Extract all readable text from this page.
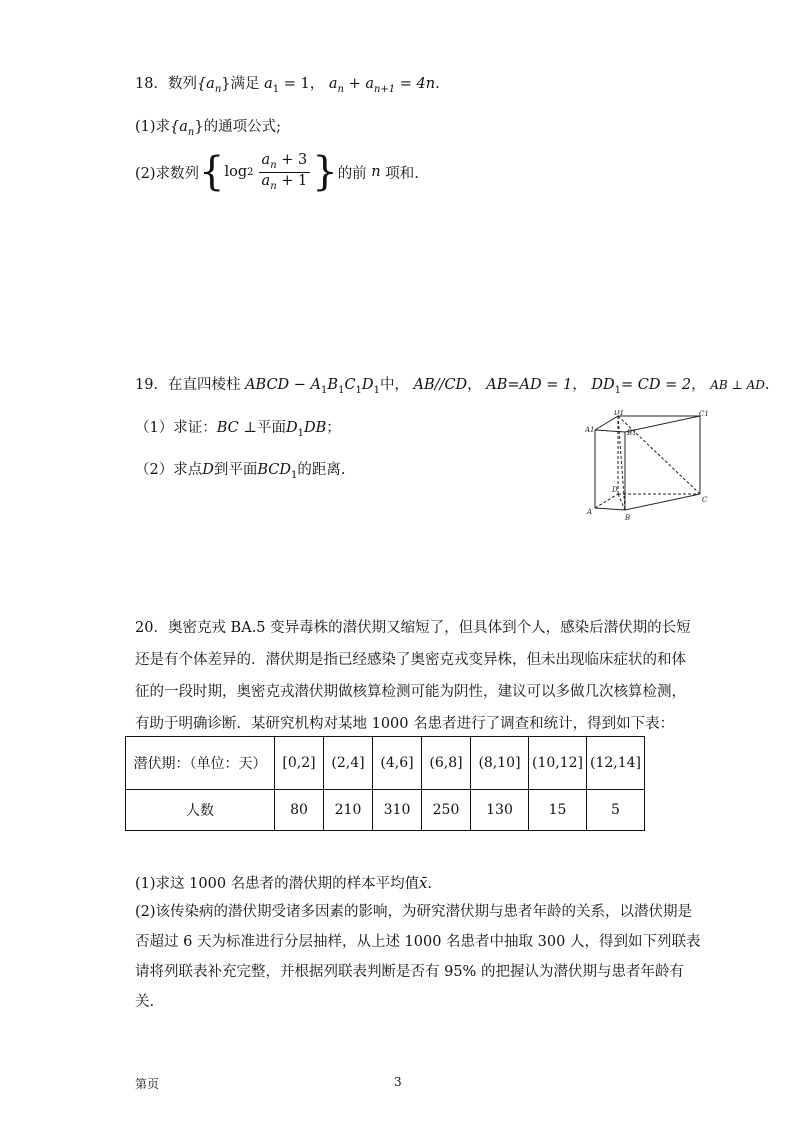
18．数列$\{a_n\}$满足 $a_1 = 1$， $a_n + a_{n+1} = 4n$.
(1)求$\{a_n\}$的通项公式;
(2)求数列 { $\log 2 \frac{a_n + 3}{a_n + 1}$ } 的前
n
项和.
19．在直四棱柱 ABCD − $A_1B_1C_1D_1$中， AB//CD， AB=AD = 1， $DD_1=$ CD = 2， AB ⊥ AD.
（1）求证：BC ⊥平面$D_1DB$；
（2）求点D到平面$BCD_1$的距离.
D1	C1
A1	B1
D
A
B
C
20．奥密克戎 BA.5 变异毒株的潜伏期又缩短了，但具体到个人，感染后潜伏期的长短
还是有个体差异的．潜伏期是指已经感染了奥密克戎变异株，但未出现临床症状的和体
征的一段时期，奥密克戎潜伏期做核算检测可能为阴性，建议可以多做几次核算检测，
有助于明确诊断．某研究机构对某地 1000 名患者进行了调查和统计，得到如下表：
潜伏期：（单位：天）	[0,2]	(2,4]	(4,6]	(6,8]	(8,10]	(10,12]	(12,14]
人数	80	210	310	250	130	15	5
(1)求这 1000 名患者的潜伏期的样本平均值x̄.
(2)该传染病的潜伏期受诸多因素的影响，为研究潜伏期与患者年龄的关系，以潜伏期是
否超过 6 天为标准进行分层抽样，从上述 1000 名患者中抽取 300 人，得到如下列联表
请将列联表补充完整，并根据列联表判断是否有 95% 的把握认为潜伏期与患者年龄有
关.
第页	3
